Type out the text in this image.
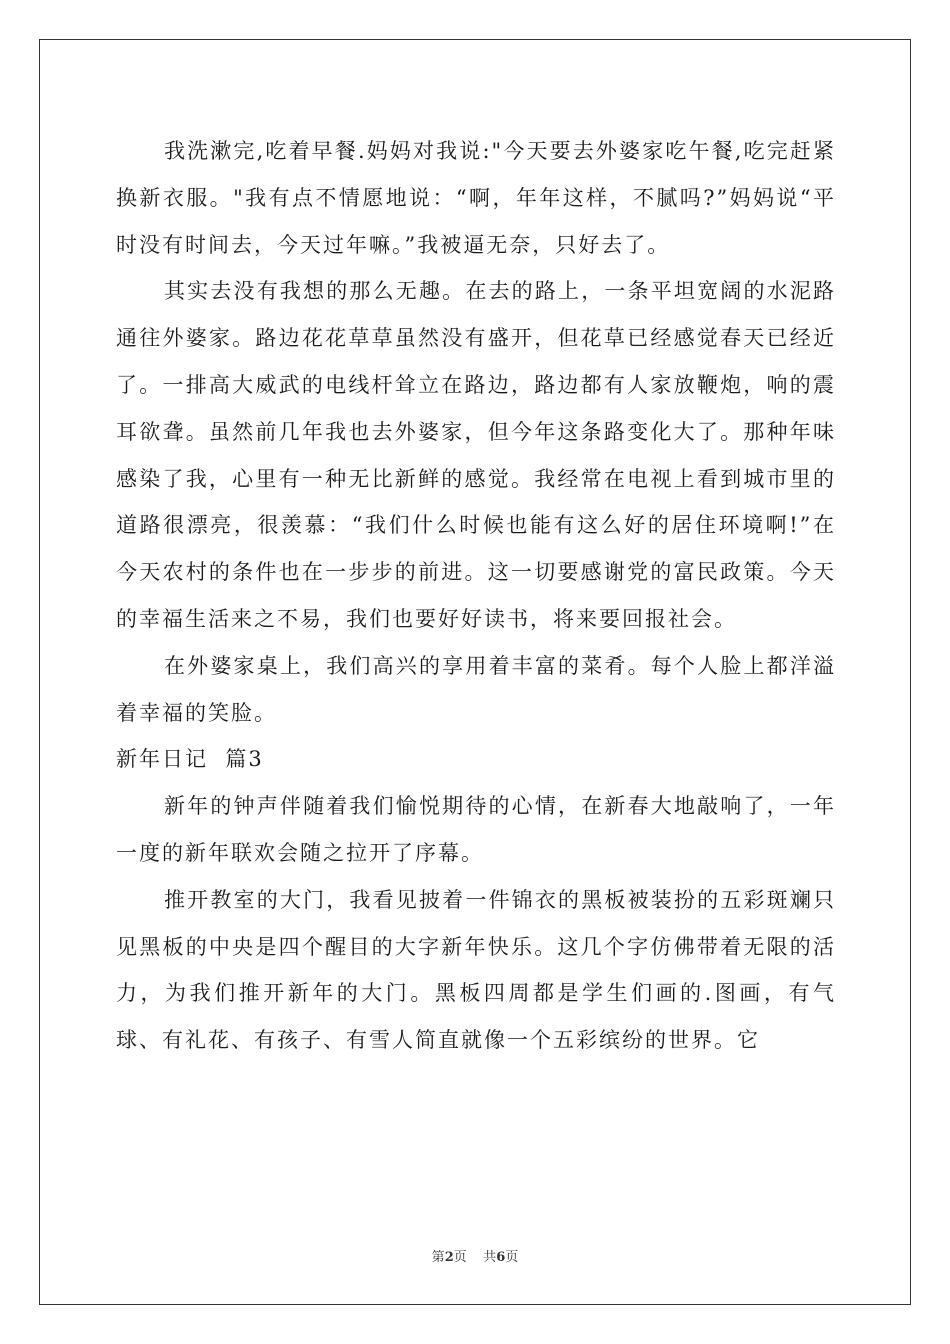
我洗漱完,吃着早餐.妈妈对我说:"今天要去外婆家吃午餐,吃完赶紧换新衣服。"我有点不情愿地说：“啊，年年这样，不腻吗?”妈妈说“平时没有时间去，今天过年嘛。”我被逼无奈，只好去了。

其实去没有我想的那么无趣。在去的路上，一条平坦宽阔的水泥路通往外婆家。路边花花草草虽然没有盛开，但花草已经感觉春天已经近了。一排高大威武的电线杆耸立在路边，路边都有人家放鞭炮，响的震耳欲聋。虽然前几年我也去外婆家，但今年这条路变化大了。那种年味感染了我，心里有一种无比新鲜的感觉。我经常在电视上看到城市里的道路很漂亮，很羡慕：“我们什么时候也能有这么好的居住环境啊!”在今天农村的条件也在一步步的前进。这一切要感谢党的富民政策。今天的幸福生活来之不易，我们也要好好读书，将来要回报社会。

在外婆家桌上，我们高兴的享用着丰富的菜肴。每个人脸上都洋溢着幸福的笑脸。

新年日记  篇3

新年的钟声伴随着我们愉悦期待的心情，在新春大地敲响了，一年一度的新年联欢会随之拉开了序幕。

推开教室的大门，我看见披着一件锦衣的黑板被装扮的五彩斑斓只见黑板的中央是四个醒目的大字新年快乐。这几个字仿佛带着无限的活力，为我们推开新年的大门。黑板四周都是学生们画的.图画，有气球、有礼花、有孩子、有雪人简直就像一个五彩缤纷的世界。它

第2页    共6页
